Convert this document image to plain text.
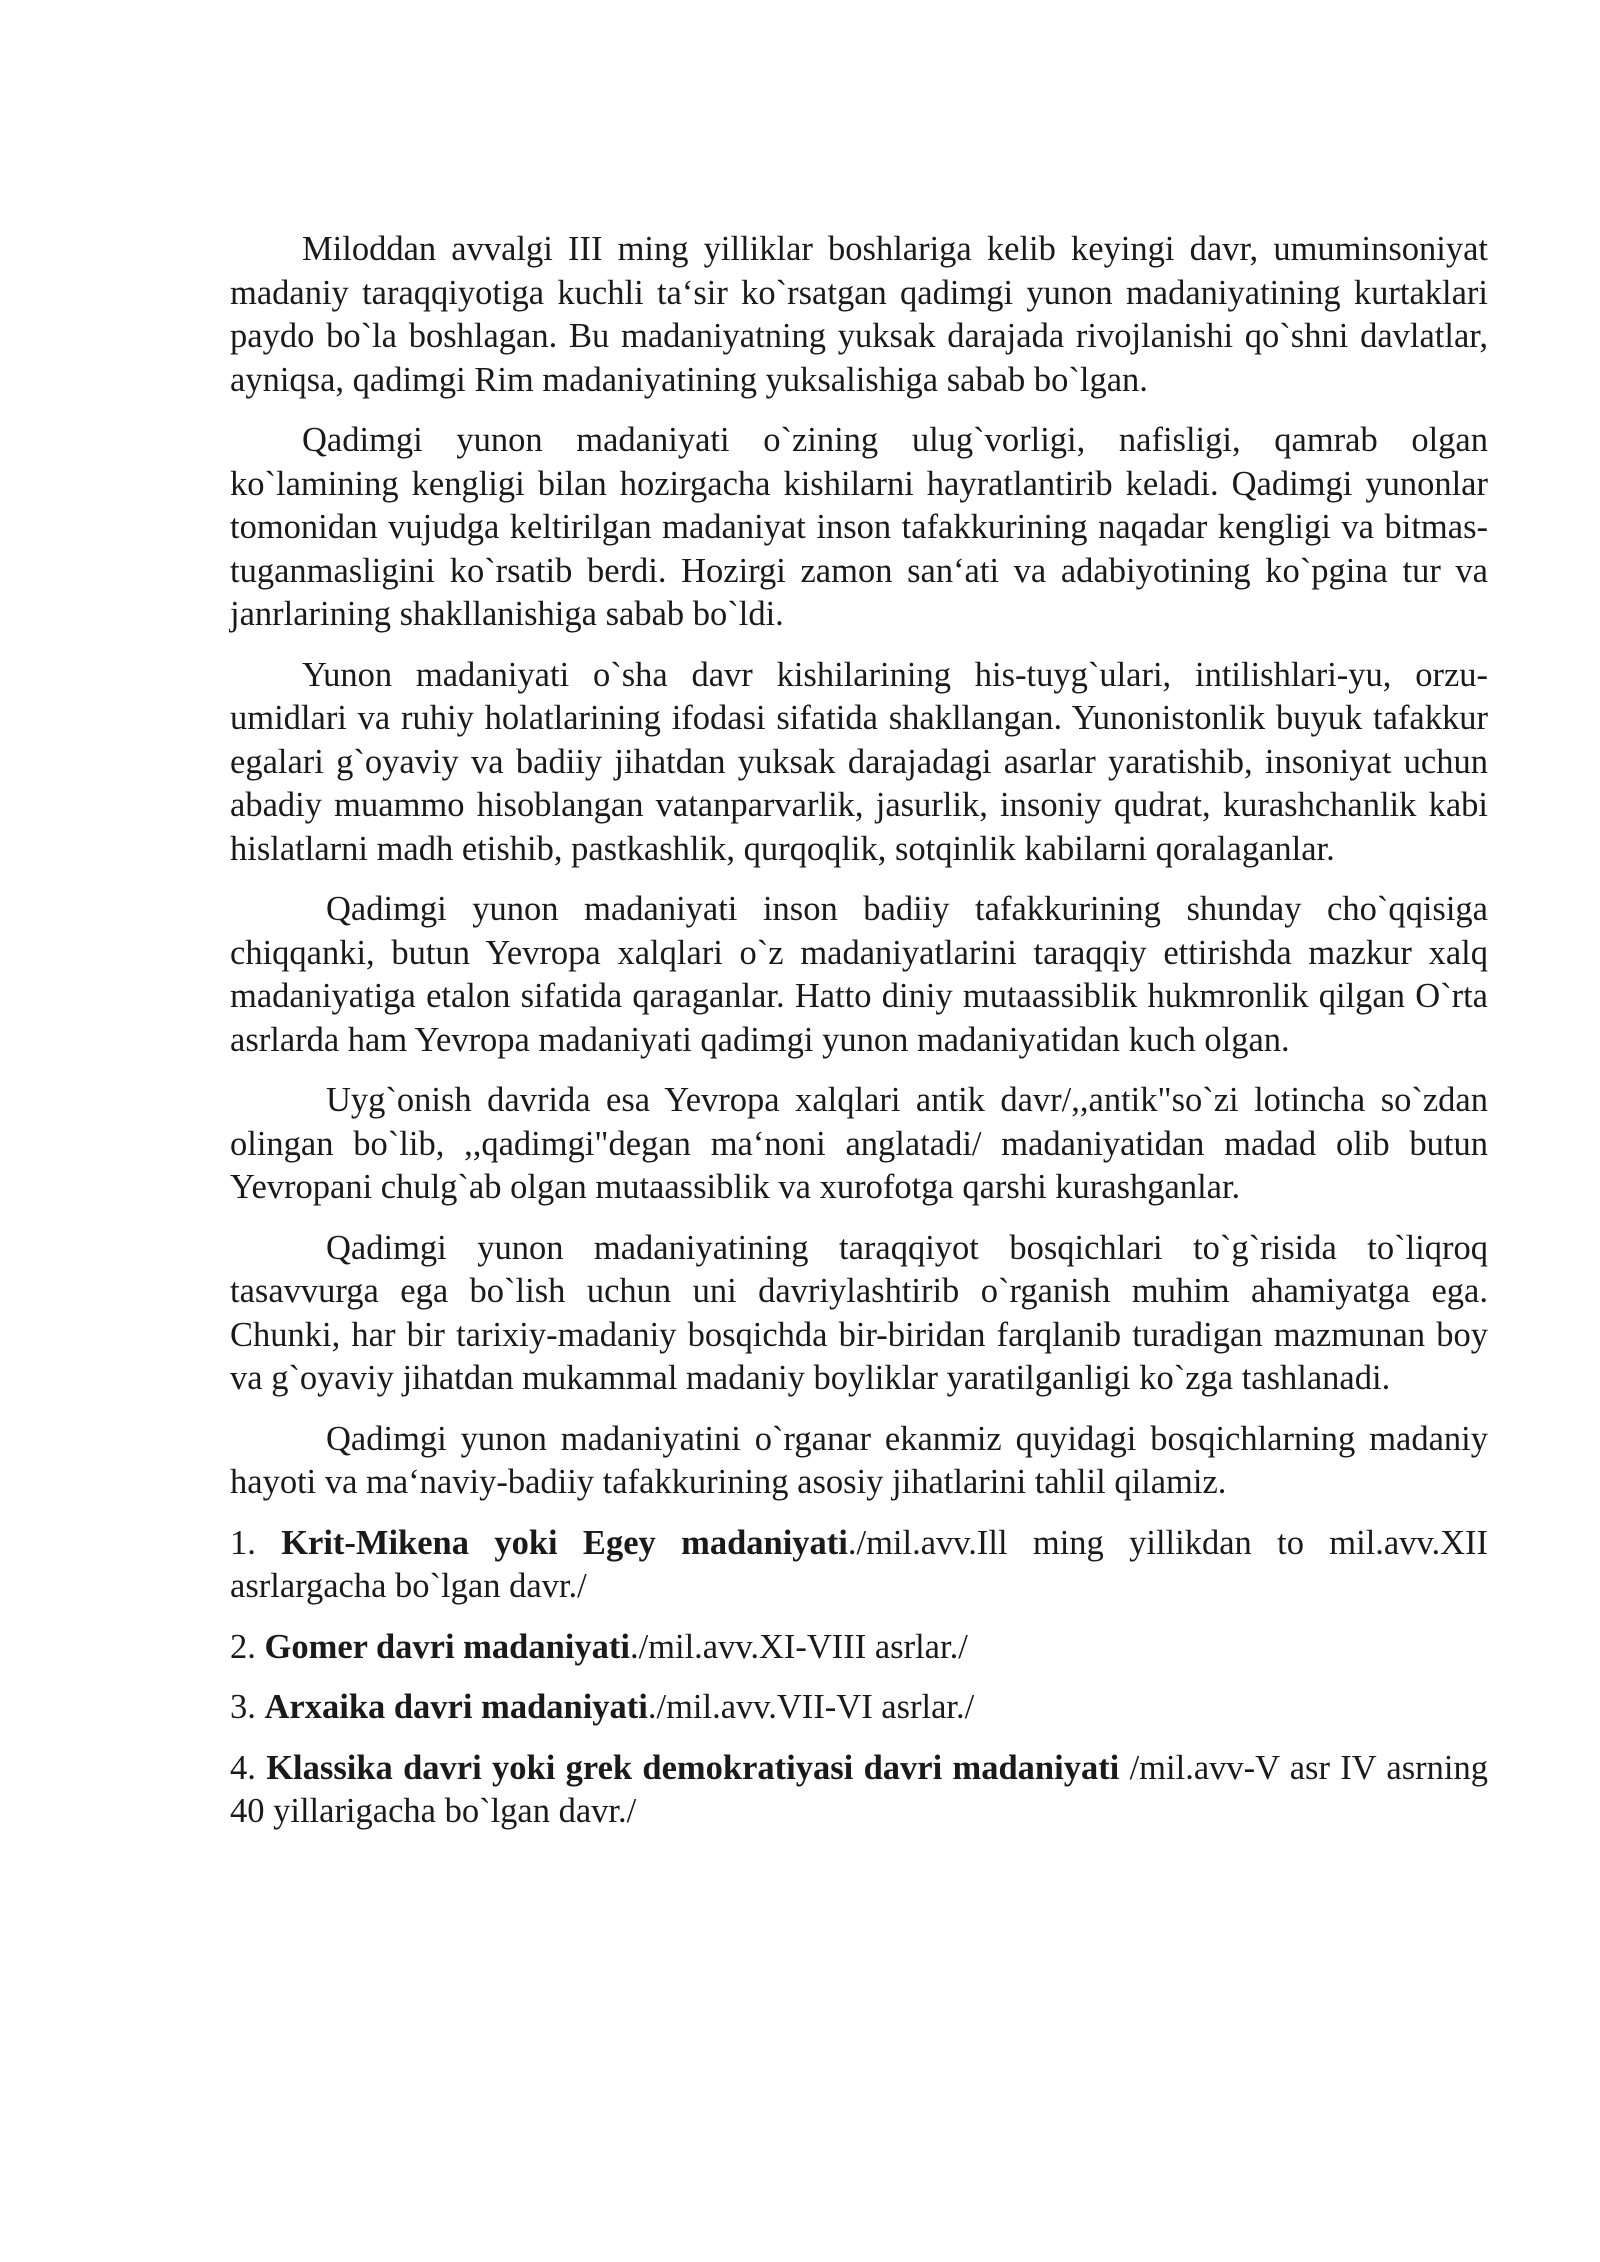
Miloddan avvalgi III ming yilliklar boshlariga kelib keyingi davr, umuminsoniyat madaniy taraqqiyotiga kuchli ta‘sir ko`rsatgan qadimgi yunon madaniyatining kurtaklari paydo bo`la boshlagan. Bu madaniyatning yuksak darajada rivojlanishi qo`shni davlatlar, ayniqsa, qadimgi Rim madaniyatining yuksalishiga sabab bo`lgan.

Qadimgi yunon madaniyati o`zining ulug`vorligi, nafisligi, qamrab olgan ko`lamining kengligi bilan hozirgacha kishilarni hayratlantirib keladi. Qadimgi yunonlar tomonidan vujudga keltirilgan madaniyat inson tafakkurining naqadar kengligi va bitmas-tuganmasligini ko`rsatib berdi. Hozirgi zamon san‘ati va adabiyotining ko`pgina tur va janrlarining shakllanishiga sabab bo`ldi.

Yunon madaniyati o`sha davr kishilarining his-tuyg`ulari, intilishlari-yu, orzu-umidlari va ruhiy holatlarining ifodasi sifatida shakllangan. Yunonistonlik buyuk tafakkur egalari g`oyaviy va badiiy jihatdan yuksak darajadagi asarlar yaratishib, insoniyat uchun abadiy muammo hisoblangan vatanparvarlik, jasurlik, insoniy qudrat, kurashchanlik kabi hislatlarni madh etishib, pastkashlik, qurqoqlik, sotqinlik kabilarni qoralaganlar.

Qadimgi yunon madaniyati inson badiiy tafakkurining shunday cho`qqisiga chiqqanki, butun Yevropa xalqlari o`z madaniyatlarini taraqqiy ettirishda mazkur xalq madaniyatiga etalon sifatida qaraganlar. Hatto diniy mutaassiblik hukmronlik qilgan O`rta asrlarda ham Yevropa madaniyati qadimgi yunon madaniyatidan kuch olgan.

Uyg`onish davrida esa Yevropa xalqlari antik davr/,,antik"so`zi lotincha so`zdan olingan bo`lib, ,,qadimgi"degan ma‘noni anglatadi/ madaniyatidan madad olib butun Yevropani chulg`ab olgan mutaassiblik va xurofotga qarshi kurashganlar.

Qadimgi yunon madaniyatining taraqqiyot bosqichlari to`g`risida to`liqroq tasavvurga ega bo`lish uchun uni davriylashtirib o`rganish muhim ahamiyatga ega. Chunki, har bir tarixiy-madaniy bosqichda bir-biridan farqlanib turadigan mazmunan boy va g`oyaviy jihatdan mukammal madaniy boyliklar yaratilganligi ko`zga tashlanadi.

Qadimgi yunon madaniyatini o`rganar ekanmiz quyidagi bosqichlarning madaniy hayoti va ma‘naviy-badiiy tafakkurining asosiy jihatlarini tahlil qilamiz.

1. Krit-Mikena yoki Egey madaniyati./mil.avv.Ill ming yillikdan to mil.avv.XII asrlargacha bo`lgan davr./

2. Gomer davri madaniyati./mil.avv.XI-VIII asrlar./

3. Arxaika davri madaniyati./mil.avv.VII-VI asrlar./

4. Klassika davri yoki grek demokratiyasi davri madaniyati /mil.avv-V asr IV asrning 40 yillarigacha bo`lgan davr./
